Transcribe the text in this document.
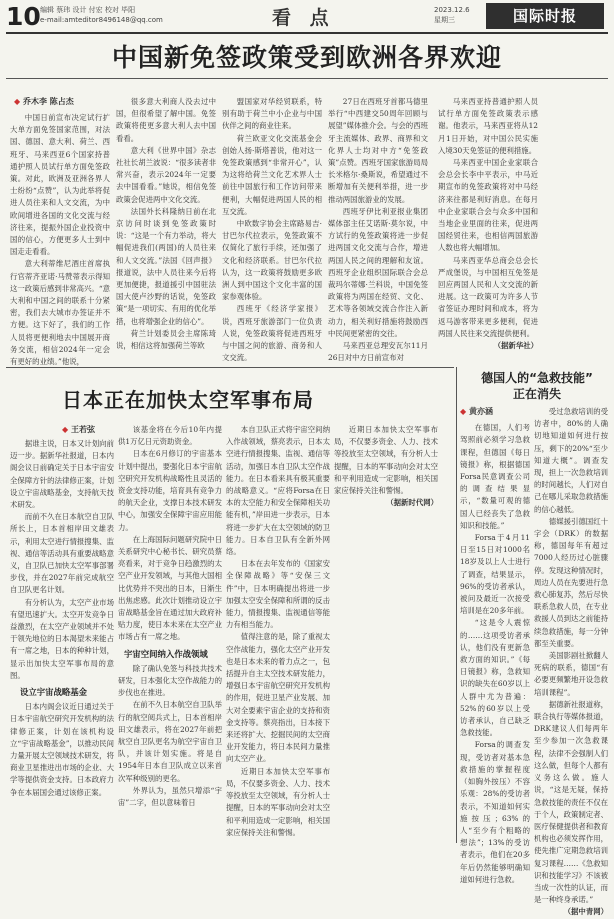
10 编辑 蔡玮 设计 付宏 校对 毕阳
e-mail:amteditor8496148@qq.com	看 点	2023.12.6
星期三	国际时报
中国新免签政策受到欧洲各界欢迎
◆ 乔木李 陈占杰

中国日前宣布决定试行扩大单方面免签国家范围，对法国、德国、意大利、荷兰、西班牙、马来西亚6个国家持普通护照人员试行单方面免签政策。对此，欧洲及亚洲各界人士纷纷“点赞”，认为此举将促进人员往来和人文交流，为中欧间增进各国的文化交流与经济往来，提振外国企业投资中国的信心，方便更多人士到中国走走看看。

意大利蒂维尼酒庄首席执行官蒂齐亚诺·马赞蒂表示得知这一政策后感到非常高兴。“意大利和中国之间的联系十分紧密，我们去大城市办签证并不方便。这下好了，我们的工作人员将更便利地去中国展开商务交流，相信2024年一定会有更好的业绩。”他说，

很多意大利商人没去过中国，但很希望了解中国。免签政策将使更多意大利人去中国看看。

意大利《世界中国》杂志社社长胡兰波说：“很多读者非常兴奋，表示2024年一定要去中国看看。”她说，相信免签政策会促进两中文化交流。

法国外长科隆纳日前在北京访问时谈到免签政策时说：“这是一个有力举动，将大幅促进我们(两国)的人员往来和人文交流。”法国《回声报》报道说，法中人员往来今后将更加便捷，报道援引中国驻法国大使卢沙野的话说，免签政策“是一项切实、有用的优化举措，也将增强企业的信心”。

荷兰计划委员会主席陈琦说，相信这将加强荷兰等欧

盟国家对华经贸联系，特别有助于荷兰中小企业与中国伙伴之间的商业往来。

荷兰欧亚文化交流基金会创始人扬·斯塔普说，他对这一免签政策感到“非常开心”，认为这将给荷兰文化艺术界人士前往中国旅行和工作访问带来便利，大幅促进两国人民的相互交流。

中欧数字协会主席路易吉·甘巴尔代拉表示，免签政策不仅简化了旅行手续，还加强了文化和经济联系。甘巴尔代拉认为，这一政策将鼓励更多欧洲人到中国这个文化丰富的国家参观体验。

西班牙《经济学家报》说，西班牙旅游部门一位负责人说，免签政策将促进西班牙与中国之间的旅游、商务和人文交流。

27日在西班牙首都马德里举行“中西建交50周年回顾与展望”媒体推介会。与会的西班牙主流媒体、政界、商界和文化界人士均对中方“免签政策”点赞。西班牙国家旅游局局长米格尔·桑斯说，希望通过不断增加有关便利举措，进一步推动两国旅游业的发展。

西班牙伊比利亚报业集团媒体部主任艾诺斯·莫尔说，中方试行的免签政策将进一步促进两国文化交流与合作，增进两国人民之间的理解和友谊。西班牙企业组织国际联合会总裁玛尔蒂娜·兰科说，中国免签政策将为两国在经贸、文化、艺术等各领域交流合作注入新动力，相关利好措施将鼓励西中民间更紧密的交往。

马来西亚总理安瓦尔11月26日对中方日前宣布对

马来西亚持普通护照人员试行单方面免签政策表示感谢。他表示，马来西亚将从12月1日开始，对中国公民实施入境30天免签证的便利措施。

马来西亚中国企业家联合会总会长李中平表示，中马近期宣布的免签政策将对中马经济来往都是利好消息。在每月中企业家联合会与众多中国和当地企业里面的往来，促进两国经贸往来，也相信两国旅游人数也将大幅增加。

马来西亚华总商会总会长严成堡说，与中国相互免签是回应两国人民和人文交流的新进展。这一政策可为许多人节省签证办理时间和成本，将为返马游客带来更多便利，促进两国人民往来交流提供便利。

（据新华社）
日本正在加快太空军事布局
◆ 王若弦

据谁主说，日本又计划向前迈一步。据新华社报道，日本内阁会议日前确定关于日本宇宙安全保障方针的法律修正案，计划设立宇宙战略基金，支持航天技术研发。

而前不久在日本航空自卫队所长上，日本首相岸田文雄表示，利用太空进行情报搜集、监视、通信等活动具有重要战略意义，自卫队已加快太空军事部署步伐，并在2027年前完成航空自卫队更名计划。

有分析认为，太空产业市场有望迅速扩大。太空开发竞争日益激烈，在太空产业领域并不处于领先地位的日本渴望未来能占有一席之地，日本的种种计划，显示出加快太空军事布局的意图。

设立宇宙战略基金

日本内阁会议近日通过关于日本宇宙航空研究开发机构的法律修正案，计划在该机构设立“宇宙战略基金”，以推动民间力量开展太空领域技术研发，将商业卫星推进出市场的企业、大学等提供资金支持。日本政府力争在本届国会通过该修正案。

该基金将在今后10年内提供1万亿日元资助资金。

日本在6月修订的宇宙基本计划中提出，要强化日本宇宙航空研究开发机构战略性且灵活的资金支持功能，培育具有竞争力的航天企业，支撑日本技术研发中心，加强安全保障宇宙应用能力。

在上海国际问题研究院中日关系研究中心秘书长、研究员蔡亮看来，对于竞争日趋激烈的太空产业开发领域，与其他大国相比优势并不突出的日本，日渐生出焦虑感。此次计划推动设立宇宙战略基金旨在通过加大政府补贴力度，使日本未来在太空产业市场占有一席之地。

宇宙空间纳入作战领域

除了确认免签与科技共技术研发，日本强化太空作战能力的步伐也在推进。

在前不久日本航空自卫队举行的航空阅兵式上，日本首相岸田文雄表示，将在2027年前把航空自卫队更名为航空宇宙自卫队，并该计划实施。将是自1954年日本自卫队成立以来首次军种级别的更名。

外界认为，虽然只增添“宇宙”二字，但以意味着日

本自卫队正式将宇宙空间纳入作战领域，蔡亮表示，日本太空进行情报搜集、监视、通信等活动，加强日本自卫队太空作战能力。在日本看来具有极其重要的战略意义。“应将Forsa在日本的太空能力和安全保障相关功能有机，”岸田进一步表示，日本将进一步扩大在太空领域的防卫能力。日本自卫队有全新外网络。

日本在去年发布的《国家安全保障战略》等“安保三文件”中，日本明确提出将进一步加强太空安全保障和所谓的反击能力，情报搜集、监视通信等能力有相当能力。

值得注意的是，除了重视太空作战能力，强化太空产业开发也是日本未来的着力点之一，包括提升自主太空技术研发能力，增强日本宇宙航空研究开发机构的作用，促进卫星产业发展、加大对全要素宇宙企业的支持和资金支持等。蔡亮指出，日本接下来还将扩大、挖掘民间的太空商业开发能力，将日本民间力量推向太空产业。

近期日本加快太空军事布局，不仅要多资金、人力、技术等投放至太空领域，有分析人士提醒，日本的军事动向会对太空和平利用造成一定影响，相关国家应保持关注和警惕。

近期日本加快太空军事布局，不仅要多资金、人力、技术等投放至太空领域，有分析人士提醒，日本的军事动向会对太空和平利用造成一定影响，相关国家应保持关注和警惕。

（据新时代网）
德国人的“急救技能”
正在消失
◆ 黄亦涵

在德国，人们考驾照前必须学习急救课程，但德国《每日镜报》称，根据德国Forsa民意调查公司的调查结果显示，“数量可观的德国人已经丧失了急救知识和技能。”

Forsa于4月11日至15日对1000名18岁及以上人士进行了调查，结果显示，96%的受访者承认，被问及最近一次接受培训是在20多年前。

“这是令人震惊的……这项受访者承认，他们没有更新急救方面的知识。”《每日镜报》称，急救知识的缺失在60岁以上人群中尤为普遍：52%的60岁以上受访者承认，自己缺乏急救技能。

Forsa的调查发现，受访者对基本急救措施的掌握程度（如胸外按压）不容乐观：28%的受访者表示，不知道如何实施按压；63%的人“至少有个粗略的想法”；13%的受访者表示，他们在20多年后仍然能够明确知道如何进行急救。

受过急救培训的受访者中，80%的人确切地知道如何进行按压，剩下的20%“至少知道大概”。调查发现，担上一次急救培训的时间越长，人们对自己在哪儿采取急救措施的信心越低。

德媒援引德国红十字会（DRK）的数据称，德国每年有超过7000人经历过心脏骤停。发现这种情况时，周边人员在先要进行急救心肺复苏，然后尽快联系急救人员，在专业救援人员到达之前能持续急救措施，每一分钟都至关重要。

美国影剧社掀翻人死病的联系，德国“有必要更频繁地开设急救培训课程”。

据德新社报道称，联合执行等媒体报道，DRK建议人们每两年至少参加一次急救课程，法律不会强制人们这么做，但每个人都有义务这么做。施人说，“这是无疑，保持急救技能的责任不仅在于个人，政策制定者、医疗保健提供者和教育机构也必须发挥作用，使先推广定期急救培训复习课程……《急救知识和技能学习》不该被当成一次性的认证，而是一种终身承诺。”

（据中青网）
